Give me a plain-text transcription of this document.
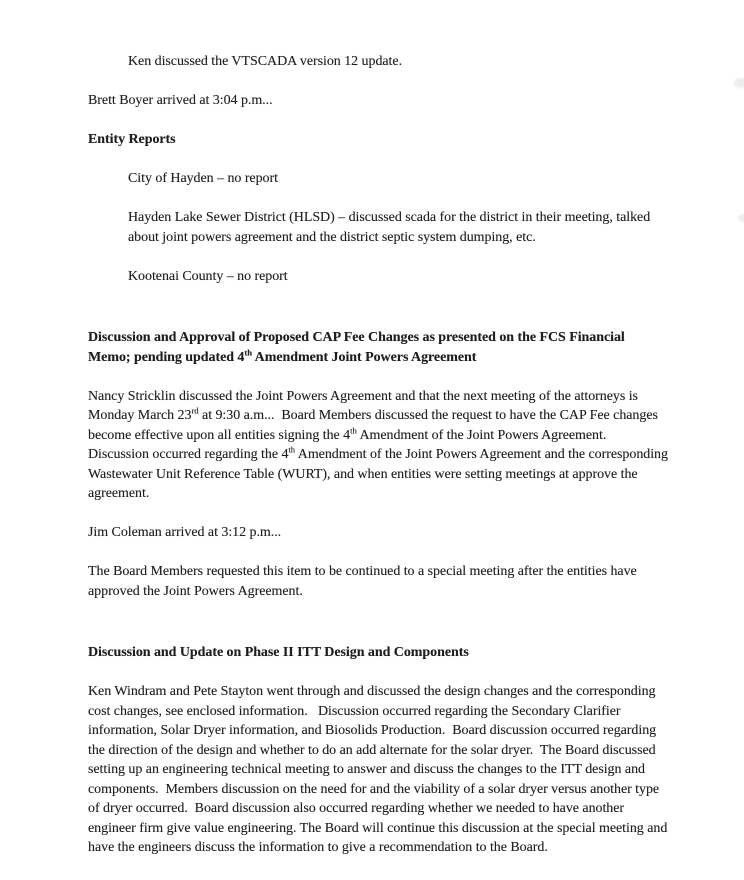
Ken discussed the VTSCADA version 12 update.
Brett Boyer arrived at 3:04 p.m...
Entity Reports
City of Hayden – no report
Hayden Lake Sewer District (HLSD) – discussed scada for the district in their meeting, talked about joint powers agreement and the district septic system dumping, etc.
Kootenai County – no report
Discussion and Approval of Proposed CAP Fee Changes as presented on the FCS Financial Memo; pending updated 4th Amendment Joint Powers Agreement
Nancy Stricklin discussed the Joint Powers Agreement and that the next meeting of the attorneys is Monday March 23rd at 9:30 a.m...  Board Members discussed the request to have the CAP Fee changes become effective upon all entities signing the 4th Amendment of the Joint Powers Agreement.  Discussion occurred regarding the 4th Amendment of the Joint Powers Agreement and the corresponding Wastewater Unit Reference Table (WURT), and when entities were setting meetings at approve the agreement.
Jim Coleman arrived at 3:12 p.m...
The Board Members requested this item to be continued to a special meeting after the entities have approved the Joint Powers Agreement.
Discussion and Update on Phase II ITT Design and Components
Ken Windram and Pete Stayton went through and discussed the design changes and the corresponding cost changes, see enclosed information.   Discussion occurred regarding the Secondary Clarifier information, Solar Dryer information, and Biosolids Production.  Board discussion occurred regarding the direction of the design and whether to do an add alternate for the solar dryer.  The Board discussed setting up an engineering technical meeting to answer and discuss the changes to the ITT design and components.  Members discussion on the need for and the viability of a solar dryer versus another type of dryer occurred.  Board discussion also occurred regarding whether we needed to have another engineer firm give value engineering. The Board will continue this discussion at the special meeting and have the engineers discuss the information to give a recommendation to the Board.
